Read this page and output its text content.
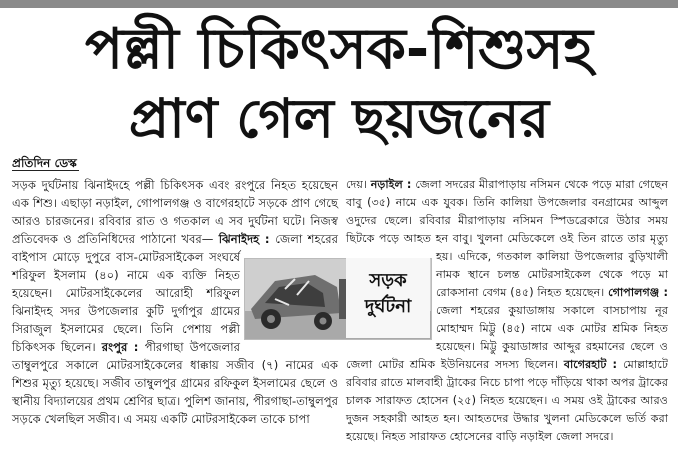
পল্লী চিকিৎসক-শিশুসহ
প্রাণ গেল ছয়জনের
প্রতিদিন ডেস্ক

সড়ক দুর্ঘটনায় ঝিনাইদহে পল্লী চিকিৎসক এবং রংপুরে নিহত হয়েছেন এক শিশু। এছাড়া নড়াইল, গোপালগঞ্জ ও বাগেরহাটে সড়কে প্রাণ গেছে আরও চারজনের। রবিবার রাত ও গতকাল এ সব দুর্ঘটনা ঘটে। নিজস্ব প্রতিবেদক ও প্রতিনিধিদের পাঠানো খবর— ঝিনাইদহ : জেলা শহরের বাইপাস মোড়ে দুপুরে বাস-মোটরসাইকেল সংঘর্ষে শরিফুল ইসলাম (৪০) নামে এক ব্যক্তি নিহত হয়েছেন। মোটরসাইকেলের আরোহী শরিফুল ঝিনাইদহ সদর উপজেলার কুটি দুর্গাপুর গ্রামের সিরাজুল ইসলামের ছেলে। তিনি পেশায় পল্লী চিকিৎসক ছিলেন। রংপুর : পীরগাছা উপজেলার তাম্বুলপুরে সকালে মোটরসাইকেলের ধাক্কায় সজীব (৭) নামের এক শিশুর মৃত্যু হয়েছে। সজীব তাম্বুলপুর গ্রামের রফিকুল ইসলামের ছেলে ও স্থানীয় বিদ্যালয়ের প্রথম শ্রেণির ছাত্র। পুলিশ জানায়, পীরগাছা-তাম্বুলপুর সড়কে খেলছিল সজীব। এ সময় একটি মোটরসাইকেল তাকে চাপা

দেয়। নড়াইল : জেলা সদরের মীরাপাড়ায় নসিমন থেকে পড়ে মারা গেছেন বাবু (৩৫) নামে এক যুবক। তিনি কালিয়া উপজেলার বনগ্রামের আব্দুল ওদুদের ছেলে। রবিবার মীরাপাড়ায় নসিমন স্পিডব্রেকারে উঠার সময় ছিটকে পড়ে আহত হন বাবু। খুলনা মেডিকেলে ওই তিন রাতে তার মৃত্যু হয়। এদিকে, গতকাল কালিয়া উপজেলার বুড়িখালী নামক স্থানে চলন্ত মোটরসাইকেল থেকে পড়ে মা রোকসানা বেগম (৪৫) নিহত হয়েছেন। গোপালগঞ্জ : জেলা শহরের কুয়াডাঙ্গায় সকালে বাসচাপায় নূর মোহাম্মদ মিট্টু (৪৫) নামে এক মোটর শ্রমিক নিহত হয়েছেন। মিট্টু কুয়াডাঙ্গার আব্দুর রহমানের ছেলে ও জেলা মোটর শ্রমিক ইউনিয়নের সদস্য ছিলেন। বাগেরহাট : মোল্লাহাটে রবিবার রাতে মালবাহী ট্রাকের নিচে চাপা পড়ে দাঁড়িয়ে থাকা অপর ট্রাকের চালক সারাফত হোসেন (২৫) নিহত হয়েছেন। এ সময় ওই ট্রাকের আরও দুজন সহকারী আহত হন। আহতদের উদ্ধার খুলনা মেডিকেলে ভর্তি করা হয়েছে। নিহত সারাফত হোসেনের বাড়ি নড়াইল জেলা সদরে।

সড়ক
দুর্ঘটনা
